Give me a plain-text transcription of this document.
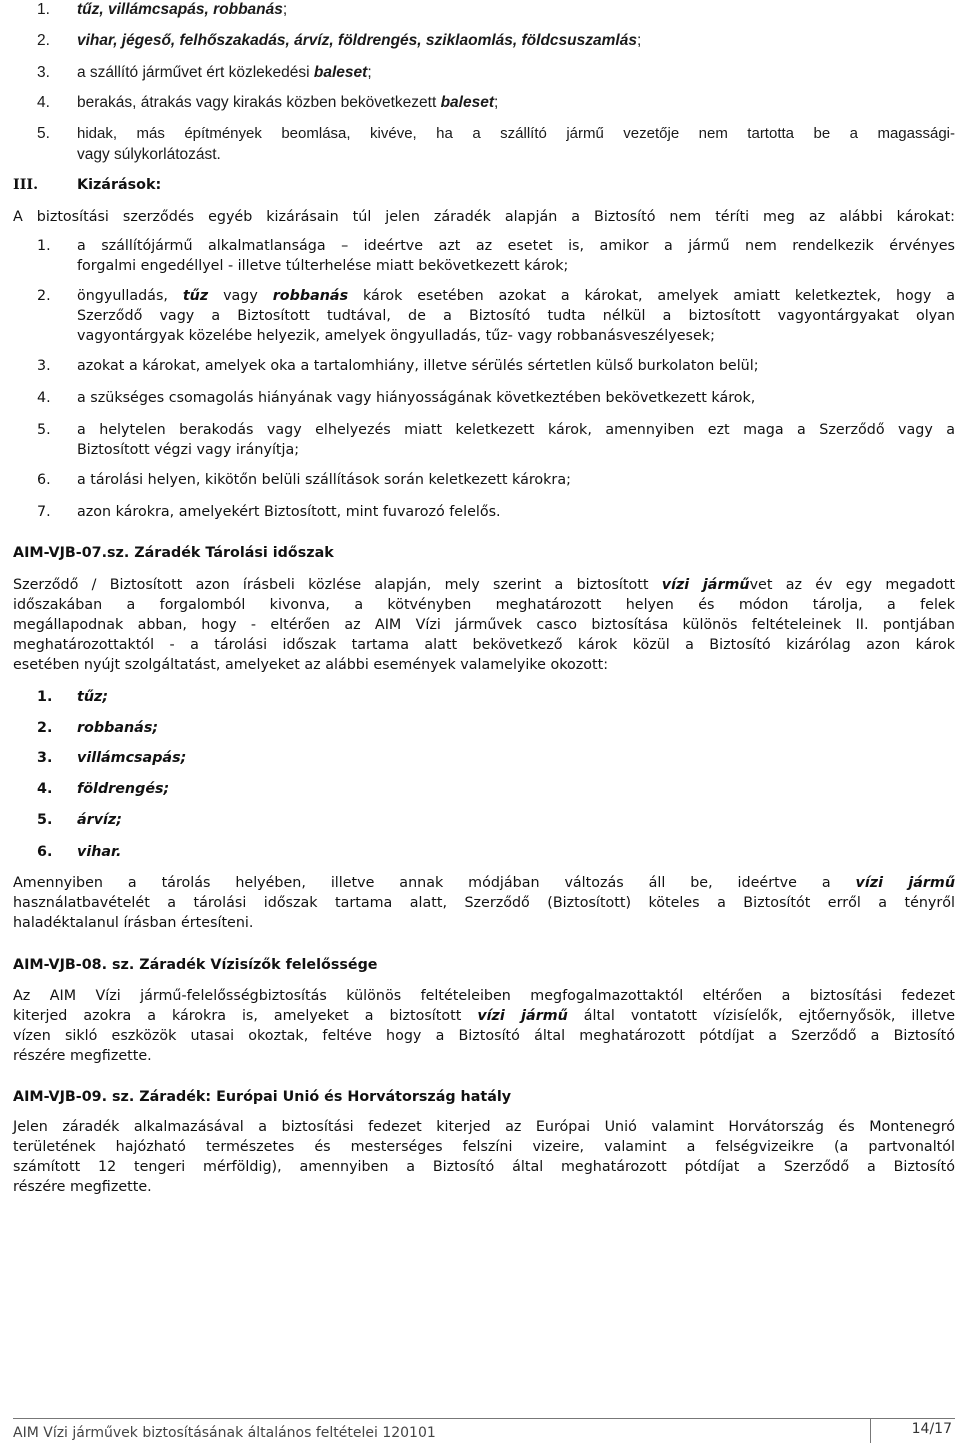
1. tűz, villámcsapás, robbanás;
2. vihar, jégeső, felhőszakadás, árvíz, földrengés, sziklaomlás, földcsuszamlás;
3. a szállító járművet ért közlekedési baleset;
4. berakás, átrakás vagy kirakás közben bekövetkezett baleset;
5. hidak, más építmények beomlása, kivéve, ha a szállító jármű vezetője nem tartotta be a magassági-
vagy súlykorlátozást.
III.	Kizárások:
A biztosítási szerződés egyéb kizárásain túl jelen záradék alapján a Biztosító nem téríti meg az alábbi károkat:
1. a szállítójármű alkalmatlansága – ideértve azt az esetet is, amikor a jármű nem rendelkezik érvényes
forgalmi engedéllyel - illetve túlterhelése miatt bekövetkezett károk;
2. öngyulladás, tűz vagy robbanás károk esetében azokat a károkat, amelyek amiatt keletkeztek, hogy a
Szerződő vagy a Biztosított tudtával, de a Biztosító tudta nélkül a biztosított vagyontárgyakat olyan
vagyontárgyak közelébe helyezik, amelyek öngyulladás, tűz- vagy robbanásveszélyesek;
3. azokat a károkat, amelyek oka a tartalomhiány, illetve sérülés sértetlen külső burkolaton belül;
4. a szükséges csomagolás hiányának vagy hiányosságának következtében bekövetkezett károk,
5. a helytelen berakodás vagy elhelyezés miatt keletkezett károk, amennyiben ezt maga a Szerződő vagy a
Biztosított végzi vagy irányítja;
6. a tárolási helyen, kikötőn belüli szállítások során keletkezett károkra;
7. azon károkra, amelyekért Biztosított, mint fuvarozó felelős.
AIM-VJB-07.sz. Záradék Tárolási időszak
Szerződő / Biztosított azon írásbeli közlése alapján, mely szerint a biztosított vízi járművet az év egy megadott
időszakában a forgalomból kivonva, a kötvényben meghatározott helyen és módon tárolja, a felek
megállapodnak abban, hogy - eltérően az AIM Vízi járművek casco biztosítása különös feltételeinek II. pontjában
meghatározottaktól - a tárolási időszak tartama alatt bekövetkező károk közül a Biztosító kizárólag azon károk
esetében nyújt szolgáltatást, amelyeket az alábbi események valamelyike okozott:
1. tűz;
2. robbanás;
3. villámcsapás;
4. földrengés;
5. árvíz;
6. vihar.
Amennyiben a tárolás helyében, illetve annak módjában változás áll be, ideértve a vízi jármű
használatbavételét a tárolási időszak tartama alatt, Szerződő (Biztosított) köteles a Biztosítót erről a tényről
haladéktalanul írásban értesíteni.
AIM-VJB-08. sz. Záradék Vízisízők felelőssége
Az AIM Vízi jármű-felelősségbiztosítás különös feltételeiben megfogalmazottaktól eltérően a biztosítási fedezet
kiterjed azokra a károkra is, amelyeket a biztosított vízi jármű által vontatott vízisíelők, ejtőernyősök, illetve
vízen sikló eszközök utasai okoztak, feltéve hogy a Biztosító által meghatározott pótdíjat a Szerződő a Biztosító
részére megfizette.
AIM-VJB-09. sz. Záradék: Európai Unió és Horvátország hatály
Jelen záradék alkalmazásával a biztosítási fedezet kiterjed az Európai Unió valamint Horvátország és Montenegró
területének hajózható természetes és mesterséges felszíni vizeire, valamint a felségvizeikre (a partvonaltól
számított 12 tengeri mérföldig), amennyiben a Biztosító által meghatározott pótdíjat a Szerződő a Biztosító
részére megfizette.
AIM Vízi járművek biztosításának általános feltételei 120101	14/17
